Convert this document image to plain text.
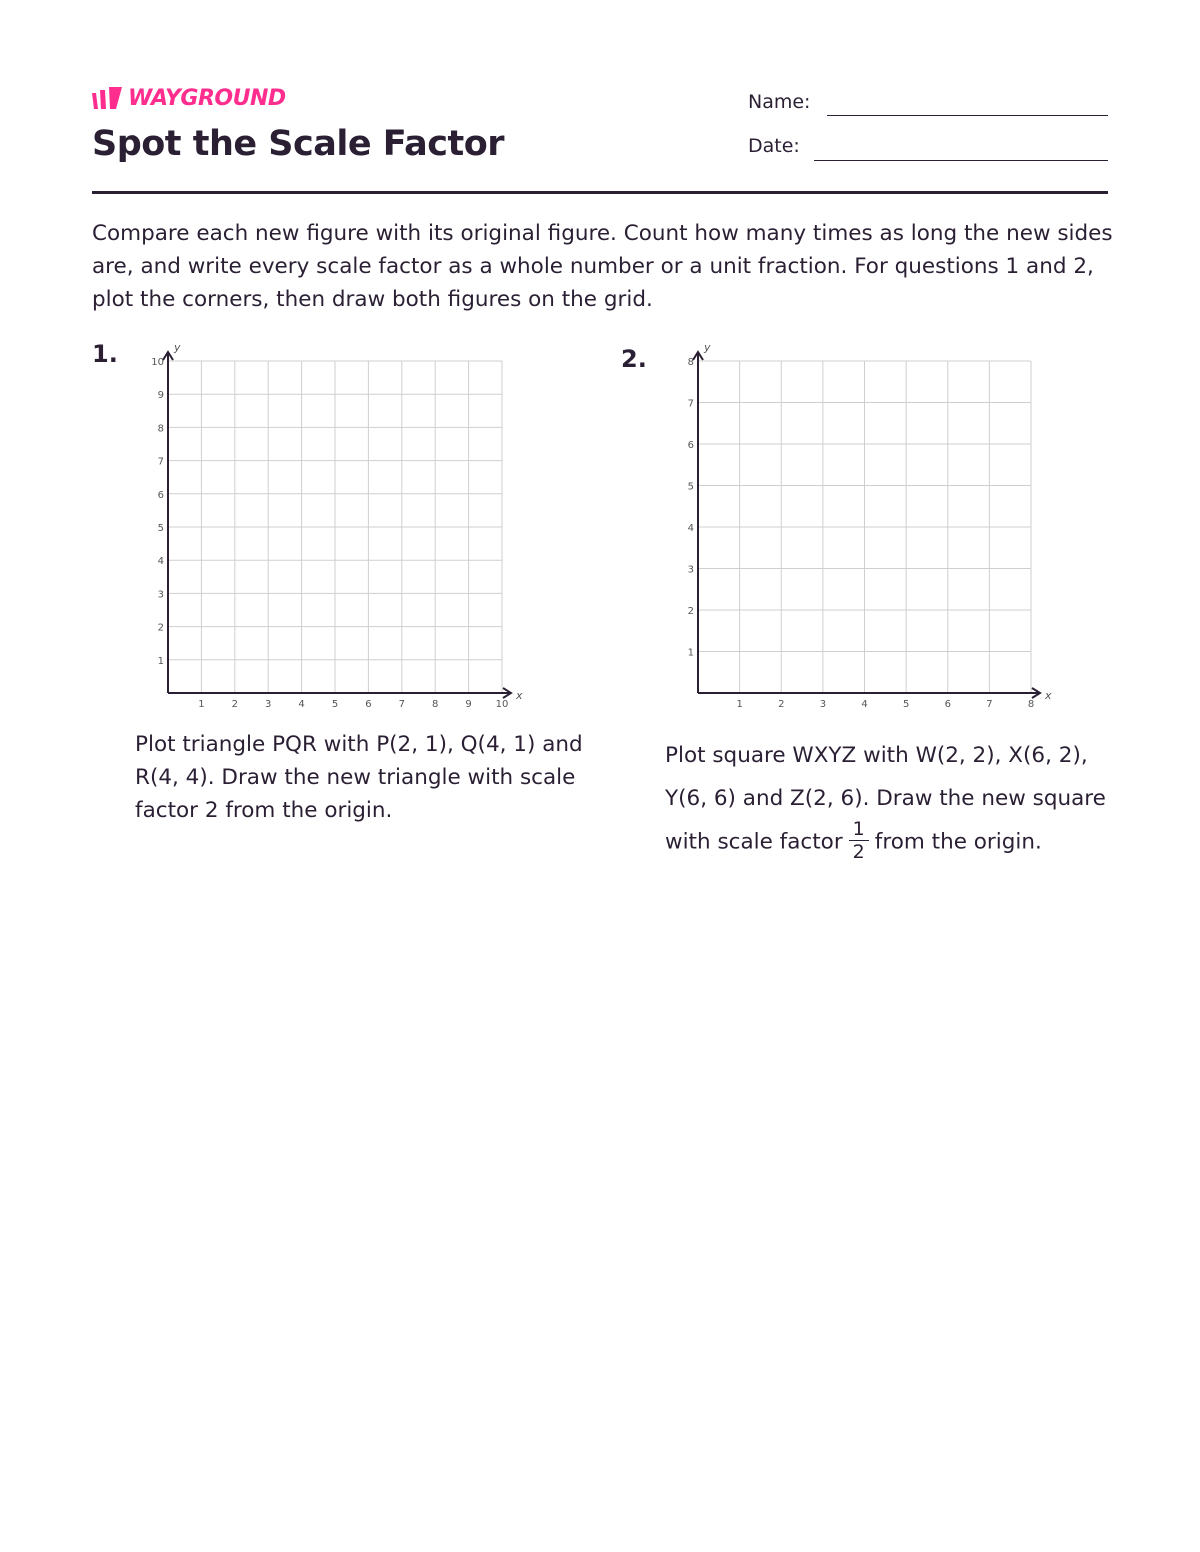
WAYGROUND
Spot the Scale Factor
Name:
Date:

Compare each new figure with its original figure. Count how many times as long the new sides are, and write every scale factor as a whole number or a unit fraction. For questions 1 and 2, plot the corners, then draw both figures on the grid.

1.
1	2	3	4	5	6	7	8	9 10
1
2
3
4
5
6
7
8
9
10
x
y

Plot triangle PQR with P(2, 1), Q(4, 1) and R(4, 4). Draw the new triangle with scale factor 2 from the origin.

2.
1	2	3	4	5	6	7	8
1
2
3
4
5
6
7
8
x
y

Plot square WXYZ with W(2, 2), X(6, 2), Y(6, 6) and Z(2, 6). Draw the new square with scale factor $\frac{1}{2}$ from the origin.
